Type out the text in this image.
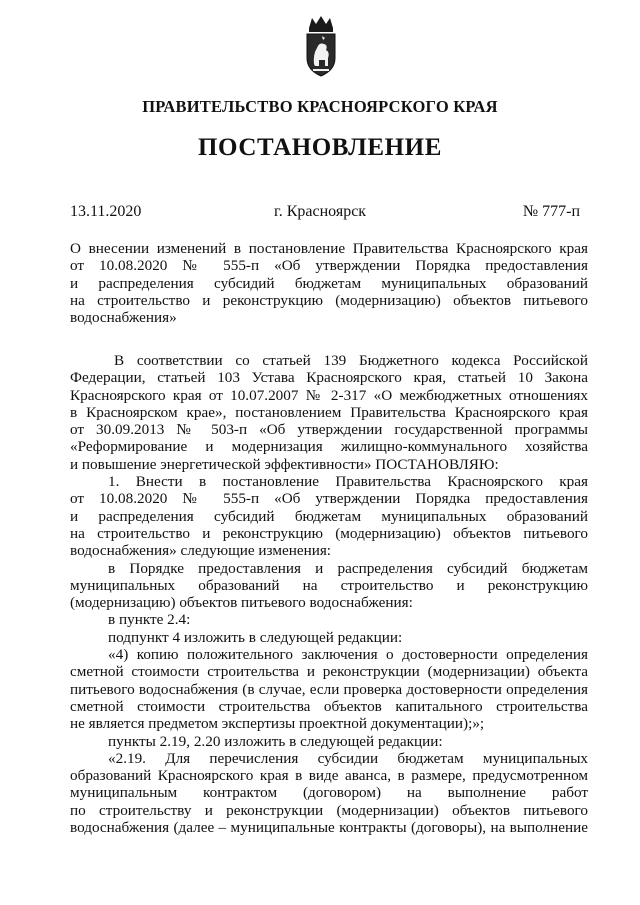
ПРАВИТЕЛЬСТВО КРАСНОЯРСКОГО КРАЯ
ПОСТАНОВЛЕНИЕ
13.11.2020	г. Красноярск	№ 777-п
О внесении изменений в постановление Правительства Красноярского края
от 10.08.2020 № 555-п «Об утверждении Порядка предоставления
и распределения субсидий бюджетам муниципальных образований
на строительство и реконструкцию (модернизацию) объектов питьевого
водоснабжения»
В соответствии со статьей 139 Бюджетного кодекса Российской
Федерации, статьей 103 Устава Красноярского края, статьей 10 Закона
Красноярского края от 10.07.2007 № 2-317 «О межбюджетных отношениях
в Красноярском крае», постановлением Правительства Красноярского края
от 30.09.2013 № 503-п «Об утверждении государственной программы
«Реформирование и модернизация жилищно-коммунального хозяйства
и повышение энергетической эффективности» ПОСТАНОВЛЯЮ:
1. Внести в постановление Правительства Красноярского края
от 10.08.2020 № 555-п «Об утверждении Порядка предоставления
и распределения субсидий бюджетам муниципальных образований
на строительство и реконструкцию (модернизацию) объектов питьевого
водоснабжения» следующие изменения:
в Порядке предоставления и распределения субсидий бюджетам
муниципальных образований на строительство и реконструкцию
(модернизацию) объектов питьевого водоснабжения:
в пункте 2.4:
подпункт 4 изложить в следующей редакции:
«4) копию положительного заключения о достоверности определения
сметной стоимости строительства и реконструкции (модернизации) объекта
питьевого водоснабжения (в случае, если проверка достоверности определения
сметной стоимости строительства объектов капитального строительства
не является предметом экспертизы проектной документации);»;
пункты 2.19, 2.20 изложить в следующей редакции:
«2.19. Для перечисления субсидии бюджетам муниципальных
образований Красноярского края в виде аванса, в размере, предусмотренном
муниципальным контрактом (договором) на выполнение работ
по строительству и реконструкции (модернизации) объектов питьевого
водоснабжения (далее – муниципальные контракты (договоры), на выполнение
